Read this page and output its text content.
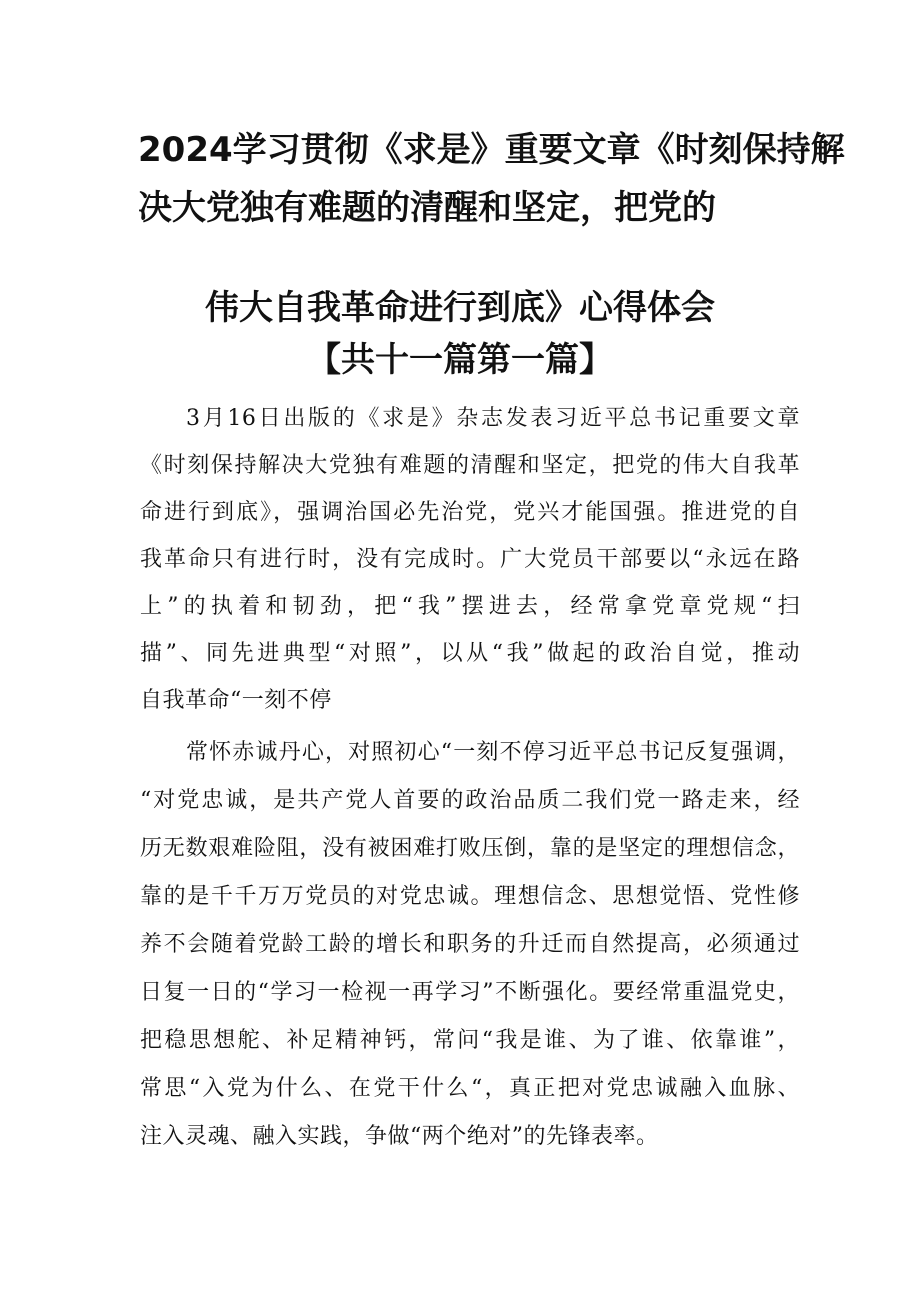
2024学习贯彻《求是》重要文章《时刻保持解
决大党独有难题的清醒和坚定，把党的
伟大自我革命进行到底》心得体会
【共十一篇第一篇】
3月16日出版的《求是》杂志发表习近平总书记重要文章
《时刻保持解决大党独有难题的清醒和坚定，把党的伟大自我革
命进行到底》，强调治国必先治党，党兴才能国强。推进党的自
我革命只有进行时，没有完成时。广大党员干部要以“永远在路
上”的执着和韧劲，把“我”摆进去，经常拿党章党规“扫
描”、同先进典型“对照”，以从“我”做起的政治自觉，推动
自我革命“一刻不停
常怀赤诚丹心，对照初心“一刻不停习近平总书记反复强调，
“对党忠诚，是共产党人首要的政治品质二我们党一路走来，经
历无数艰难险阻，没有被困难打败压倒，靠的是坚定的理想信念，
靠的是千千万万党员的对党忠诚。理想信念、思想觉悟、党性修
养不会随着党龄工龄的增长和职务的升迁而自然提高，必须通过
日复一日的“学习一检视一再学习”不断强化。要经常重温党史，
把稳思想舵、补足精神钙，常问“我是谁、为了谁、依靠谁”，
常思“入党为什么、在党干什么“，真正把对党忠诚融入血脉、
注入灵魂、融入实践，争做“两个绝对”的先锋表率。
